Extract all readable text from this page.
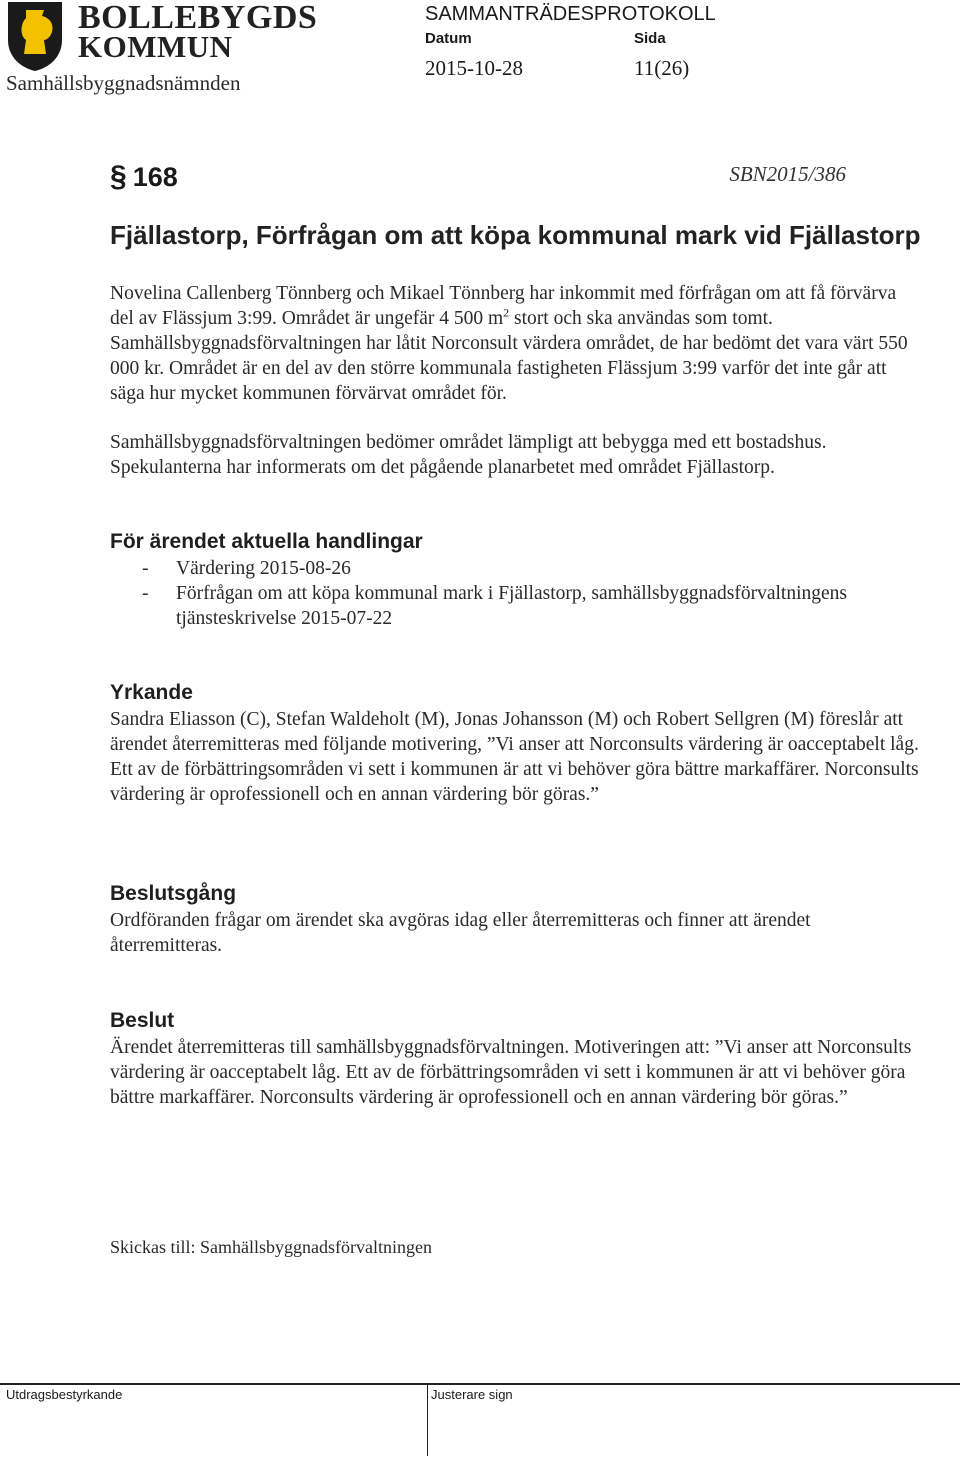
BOLLEBYGDS
KOMMUN
Samhällsbyggnadsnämnden
SAMMANTRÄDESPROTOKOLL
Datum	Sida
2015-10-28	11(26)
§ 168	SBN2015/386
Fjällastorp, Förfrågan om att köpa kommunal mark vid Fjällastorp
Novelina Callenberg Tönnberg och Mikael Tönnberg har inkommit med förfrågan om att få förvärva del av Flässjum 3:99. Området är ungefär 4 500 $m^2$ stort och ska användas som tomt. Samhällsbyggnadsförvaltningen har låtit Norconsult värdera området, de har bedömt det vara värt 550 000 kr. Området är en del av den större kommunala fastigheten Flässjum 3:99 varför det inte går att säga hur mycket kommunen förvärvat området för.
Samhällsbyggnadsförvaltningen bedömer området lämpligt att bebygga med ett bostadshus. Spekulanterna har informerats om det pågående planarbetet med området Fjällastorp.
För ärendet aktuella handlingar
-	Värdering 2015-08-26
-	Förfrågan om att köpa kommunal mark i Fjällastorp, samhällsbyggnadsförvaltningens tjänsteskrivelse 2015-07-22
Yrkande
Sandra Eliasson (C), Stefan Waldeholt (M), Jonas Johansson (M) och Robert Sellgren (M) föreslår att ärendet återremitteras med följande motivering, ”Vi anser att Norconsults värdering är oacceptabelt låg. Ett av de förbättringsområden vi sett i kommunen är att vi behöver göra bättre markaffärer. Norconsults värdering är oprofessionell och en annan värdering bör göras.”
Beslutsgång
Ordföranden frågar om ärendet ska avgöras idag eller återremitteras och finner att ärendet återremitteras.
Beslut
Ärendet återremitteras till samhällsbyggnadsförvaltningen. Motiveringen att: ”Vi anser att Norconsults värdering är oacceptabelt låg. Ett av de förbättringsområden vi sett i kommunen är att vi behöver göra bättre markaffärer. Norconsults värdering är oprofessionell och en annan värdering bör göras.”
Skickas till: Samhällsbyggnadsförvaltningen
Utdragsbestyrkande	Justerare sign
